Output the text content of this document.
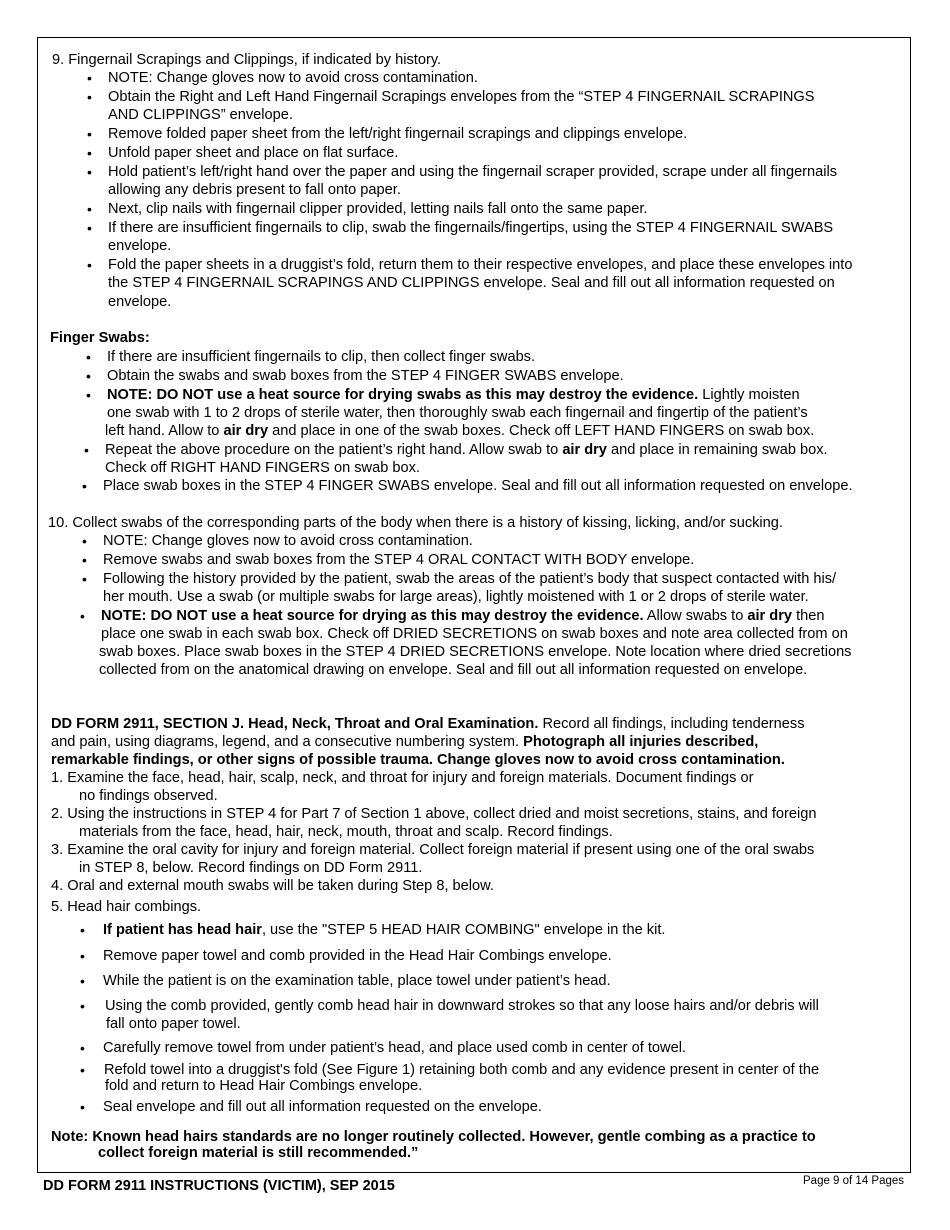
9. Fingernail Scrapings and Clippings, if indicated by history.
• NOTE: Change gloves now to avoid cross contamination.
• Obtain the Right and Left Hand Fingernail Scrapings envelopes from the “STEP 4 FINGERNAIL SCRAPINGS
AND CLIPPINGS” envelope.
• Remove folded paper sheet from the left/right fingernail scrapings and clippings envelope.
• Unfold paper sheet and place on flat surface.
• Hold patient’s left/right hand over the paper and using the fingernail scraper provided, scrape under all fingernails
allowing any debris present to fall onto paper.
• Next, clip nails with fingernail clipper provided, letting nails fall onto the same paper.
• If there are insufficient fingernails to clip, swab the fingernails/fingertips, using the STEP 4 FINGERNAIL SWABS
envelope.
• Fold the paper sheets in a druggist’s fold, return them to their respective envelopes, and place these envelopes into
the STEP 4 FINGERNAIL SCRAPINGS AND CLIPPINGS envelope. Seal and fill out all information requested on
envelope.
Finger Swabs:
• If there are insufficient fingernails to clip, then collect finger swabs.
• Obtain the swabs and swab boxes from the STEP 4 FINGER SWABS envelope.
• NOTE: DO NOT use a heat source for drying swabs as this may destroy the evidence. Lightly moisten
one swab with 1 to 2 drops of sterile water, then thoroughly swab each fingernail and fingertip of the patient’s
left hand. Allow to air dry and place in one of the swab boxes. Check off LEFT HAND FINGERS on swab box.
• Repeat the above procedure on the patient’s right hand. Allow swab to air dry and place in remaining swab box.
Check off RIGHT HAND FINGERS on swab box.
• Place swab boxes in the STEP 4 FINGER SWABS envelope. Seal and fill out all information requested on envelope.
10. Collect swabs of the corresponding parts of the body when there is a history of kissing, licking, and/or sucking.
• NOTE: Change gloves now to avoid cross contamination.
• Remove swabs and swab boxes from the STEP 4 ORAL CONTACT WITH BODY envelope.
• Following the history provided by the patient, swab the areas of the patient’s body that suspect contacted with his/
her mouth. Use a swab (or multiple swabs for large areas), lightly moistened with 1 or 2 drops of sterile water.
• NOTE: DO NOT use a heat source for drying as this may destroy the evidence. Allow swabs to air dry then
place one swab in each swab box. Check off DRIED SECRETIONS on swab boxes and note area collected from on
swab boxes. Place swab boxes in the STEP 4 DRIED SECRETIONS envelope. Note location where dried secretions
collected from on the anatomical drawing on envelope. Seal and fill out all information requested on envelope.
DD FORM 2911, SECTION J. Head, Neck, Throat and Oral Examination. Record all findings, including tenderness
and pain, using diagrams, legend, and a consecutive numbering system. Photograph all injuries described,
remarkable findings, or other signs of possible trauma. Change gloves now to avoid cross contamination.
1. Examine the face, head, hair, scalp, neck, and throat for injury and foreign materials. Document findings or
no findings observed.
2. Using the instructions in STEP 4 for Part 7 of Section 1 above, collect dried and moist secretions, stains, and foreign
materials from the face, head, hair, neck, mouth, throat and scalp. Record findings.
3. Examine the oral cavity for injury and foreign material. Collect foreign material if present using one of the oral swabs
in STEP 8, below. Record findings on DD Form 2911.
4. Oral and external mouth swabs will be taken during Step 8, below.
5. Head hair combings.
• If patient has head hair, use the "STEP 5 HEAD HAIR COMBING" envelope in the kit.
• Remove paper towel and comb provided in the Head Hair Combings envelope.
• While the patient is on the examination table, place towel under patient’s head.
• Using the comb provided, gently comb head hair in downward strokes so that any loose hairs and/or debris will
fall onto paper towel.
• Carefully remove towel from under patient’s head, and place used comb in center of towel.
• Refold towel into a druggist's fold (See Figure 1) retaining both comb and any evidence present in center of the
fold and return to Head Hair Combings envelope.
• Seal envelope and fill out all information requested on the envelope.
Note: Known head hairs standards are no longer routinely collected. However, gentle combing as a practice to
collect foreign material is still recommended.”
DD FORM 2911 INSTRUCTIONS (VICTIM), SEP 2015	Page 9 of 14 Pages
